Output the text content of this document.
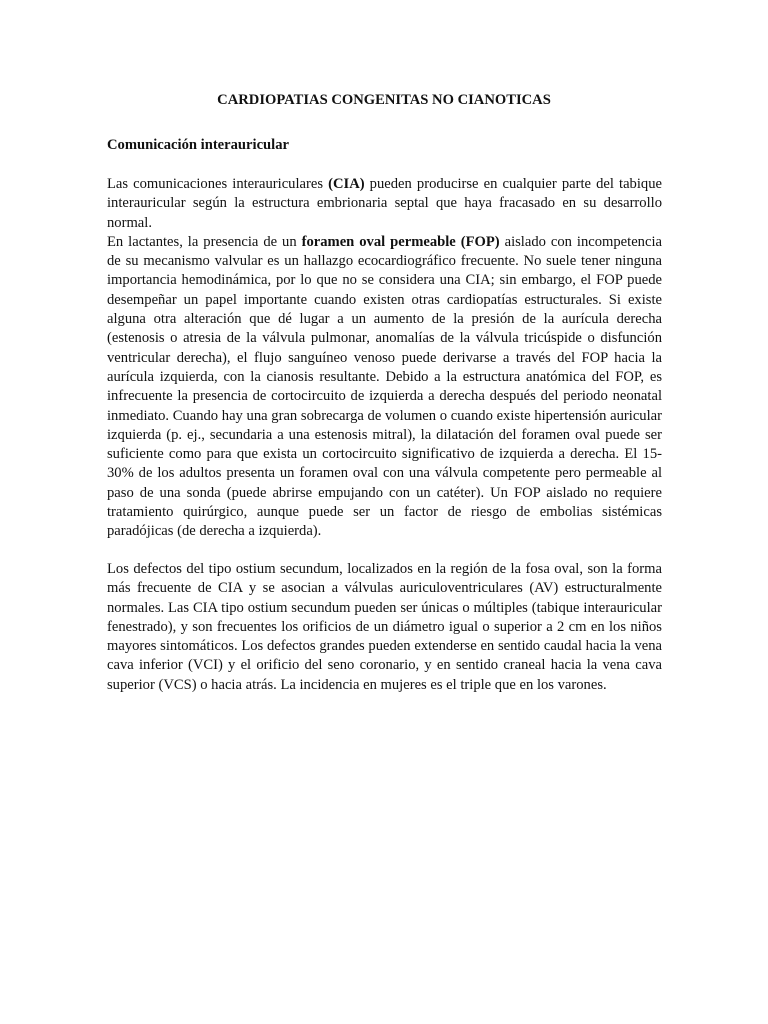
CARDIOPATIAS CONGENITAS NO CIANOTICAS
Comunicación interauricular

Las comunicaciones interauriculares (CIA) pueden producirse en cualquier parte del tabique interauricular según la estructura embrionaria septal que haya fracasado en su desarrollo normal.

En lactantes, la presencia de un foramen oval permeable (FOP) aislado con incompetencia de su mecanismo valvular es un hallazgo ecocardiográfico frecuente. No suele tener ninguna importancia hemodinámica, por lo que no se considera una CIA; sin embargo, el FOP puede desempeñar un papel importante cuando existen otras cardiopatías estructurales. Si existe alguna otra alteración que dé lugar a un aumento de la presión de la aurícula derecha (estenosis o atresia de la válvula pulmonar, anomalías de la válvula tricúspide o disfunción ventricular derecha), el flujo sanguíneo venoso puede derivarse a través del FOP hacia la aurícula izquierda, con la cianosis resultante. Debido a la estructura anatómica del FOP, es infrecuente la presencia de cortocircuito de izquierda a derecha después del periodo neonatal inmediato. Cuando hay una gran sobrecarga de volumen o cuando existe hipertensión auricular izquierda (p. ej., secundaria a una estenosis mitral), la dilatación del foramen oval puede ser suficiente como para que exista un cortocircuito significativo de izquierda a derecha. El 15-30% de los adultos presenta un foramen oval con una válvula competente pero permeable al paso de una sonda (puede abrirse empujando con un catéter). Un FOP aislado no requiere tratamiento quirúrgico, aunque puede ser un factor de riesgo de embolias sistémicas paradójicas (de derecha a izquierda).

Los defectos del tipo ostium secundum, localizados en la región de la fosa oval, son la forma más frecuente de CIA y se asocian a válvulas auriculoventriculares (AV) estructuralmente normales. Las CIA tipo ostium secundum pueden ser únicas o múltiples (tabique interauricular fenestrado), y son frecuentes los orificios de un diámetro igual o superior a 2 cm en los niños mayores sintomáticos. Los defectos grandes pueden extenderse en sentido caudal hacia la vena cava inferior (VCI) y el orificio del seno coronario, y en sentido craneal hacia la vena cava superior (VCS) o hacia atrás. La incidencia en mujeres es el triple que en los varones.
